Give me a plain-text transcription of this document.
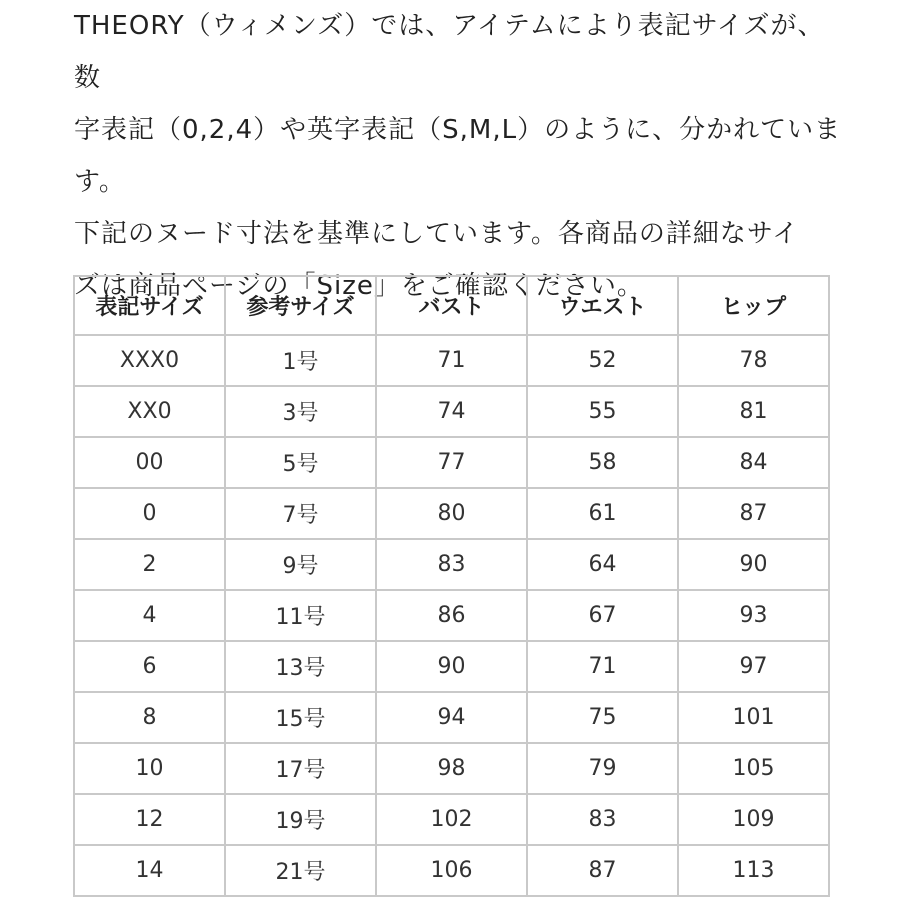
THEORY（ウィメンズ）では、アイテムにより表記サイズが、数

字表記（0,2,4）や英字表記（S,M,L）のように、分かれていま

す。

下記のヌード寸法を基準にしています。各商品の詳細なサイ

ズは商品ページの「Size」をご確認ください。

表記サイズ	参考サイズ	バスト	ウエスト	ヒップ
XXX0	1号	71	52	78
XX0	3号	74	55	81
00	5号	77	58	84
0	7号	80	61	87
2	9号	83	64	90
4	11号	86	67	93
6	13号	90	71	97
8	15号	94	75	101
10	17号	98	79	105
12	19号	102	83	109
14	21号	106	87	113
